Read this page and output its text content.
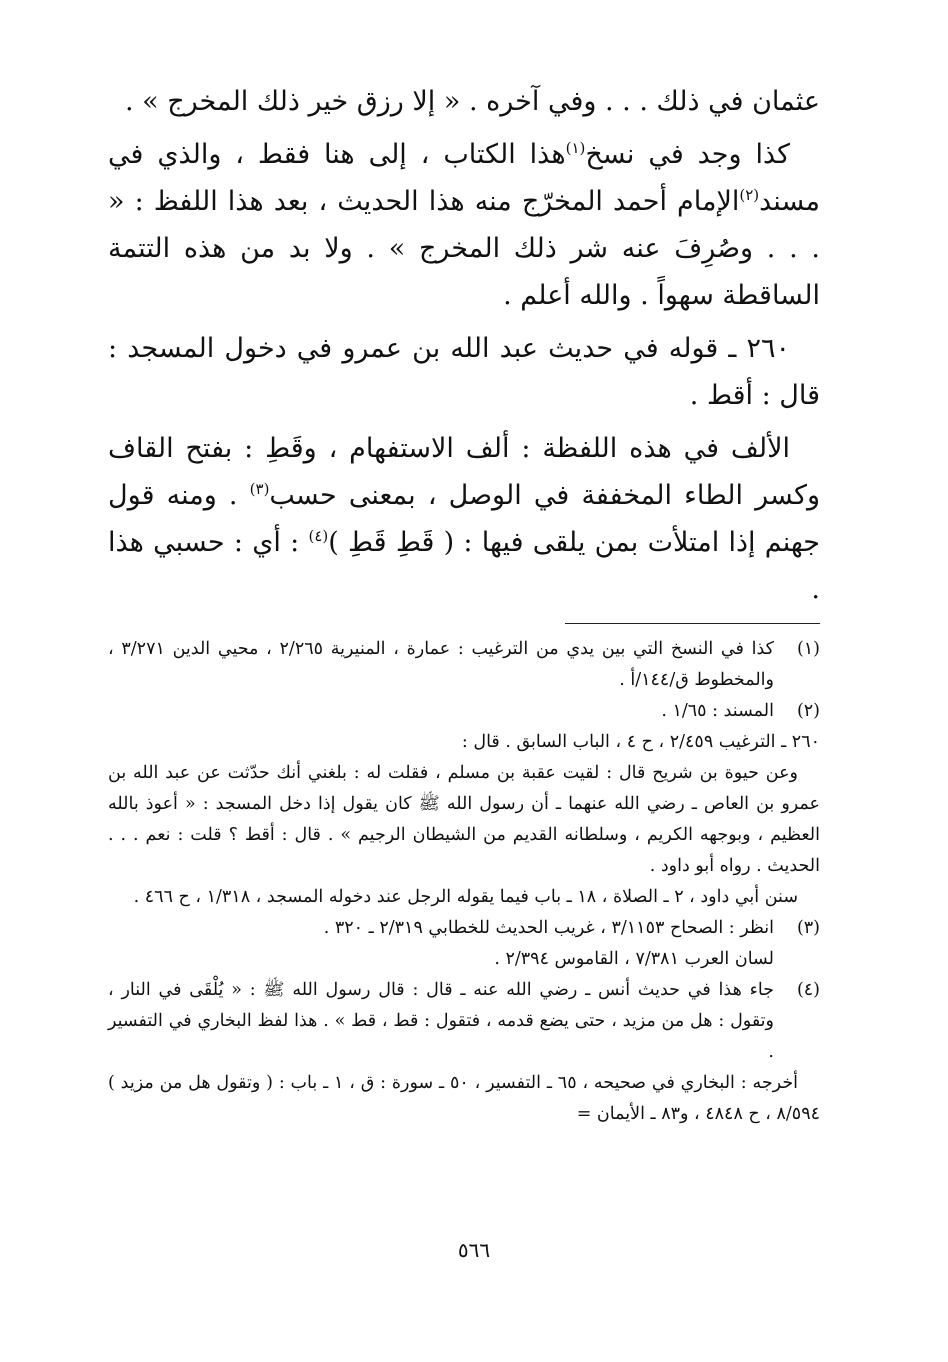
عثمان في ذلك . . . وفي آخره . « إلا رزق خير ذلك المخرج » .

كذا وجد في نسخ$^{(١)}$هذا الكتاب ، إلى هنا فقط ، والذي في مسند$^{(٢)}$الإمام أحمد المخرّج منه هذا الحديث ، بعد هذا اللفظ : « . . . وصُرِفَ عنه شر ذلك المخرج » . ولا بد من هذه التتمة الساقطة سهواً . والله أعلم .

٢٦٠ ـ قوله في حديث عبد الله بن عمرو في دخول المسجد : قال : أقط .

الألف في هذه اللفظة : ألف الاستفهام ، وقَطِ : بفتح القاف وكسر الطاء المخففة في الوصل ، بمعنى حسب$^{(٣)}$ . ومنه قول جهنم إذا امتلأت بمن يلقى فيها : ( قَطِ قَطِ )$^{(٤)}$ : أي : حسبي هذا .

(١)
كذا في النسخ التي بين يدي من الترغيب : عمارة ، المنيرية ٢/٢٦٥ ، محيي الدين ٣/٢٧١ ، والمخطوط ق/١٤٤/أ .
(٢)
المسند : ١/٦٥ .

٢٦٠ ـ الترغيب ٢/٤٥٩ ، ح ٤ ، الباب السابق . قال :

وعن حيوة بن شريح قال : لقيت عقبة بن مسلم ، فقلت له : بلغني أنك حدّثت عن عبد الله بن عمرو بن العاص ـ رضي الله عنهما ـ أن رسول الله ﷺ كان يقول إذا دخل المسجد : « أعوذ بالله العظيم ، وبوجهه الكريم ، وسلطانه القديم من الشيطان الرجيم » . قال : أقط ؟ قلت : نعم . . . الحديث . رواه أبو داود .

سنن أبي داود ، ٢ ـ الصلاة ، ١٨ ـ باب فيما يقوله الرجل عند دخوله المسجد ، ١/٣١٨ ، ح ٤٦٦ .

(٣)
انظر : الصحاح ٣/١١٥٣ ، غريب الحديث للخطابي ٢/٣١٩ ـ ٣٢٠ .

لسان العرب ٧/٣٨١ ، القاموس ٢/٣٩٤ .

(٤)
جاء هذا في حديث أنس ـ رضي الله عنه ـ قال : قال رسول الله ﷺ : « يُلْقَى في النار ، وتقول : هل من مزيد ، حتى يضع قدمه ، فتقول : قط ، قط » . هذا لفظ البخاري في التفسير .

أخرجه : البخاري في صحيحه ، ٦٥ ـ التفسير ، ٥٠ ـ سورة : ق ، ١ ـ باب : ( وتقول هل من مزيد ) ٨/٥٩٤ ، ح ٤٨٤٨ ، و٨٣ ـ الأيمان =

٥٦٦
